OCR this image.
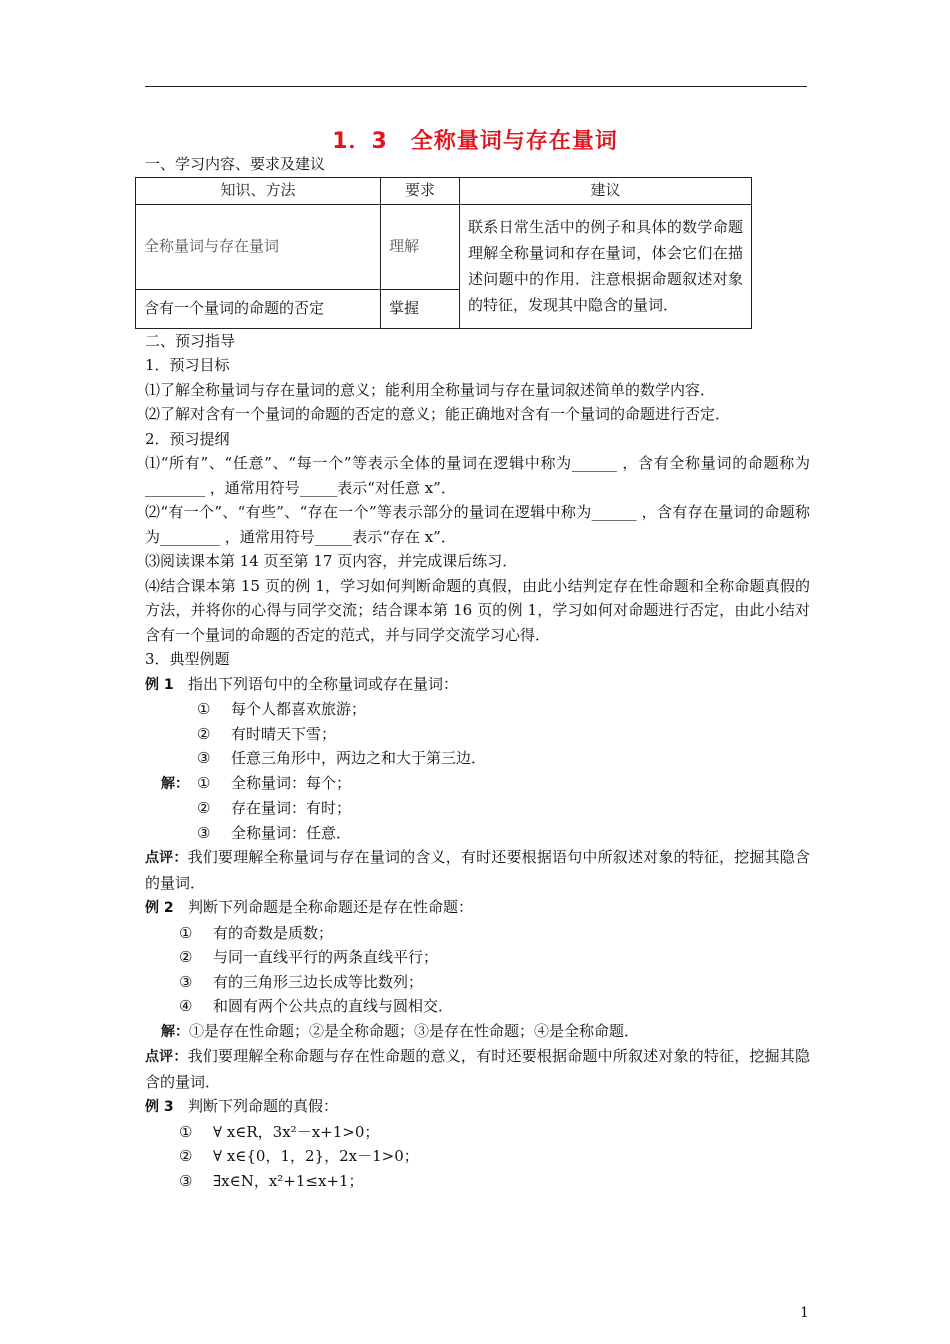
1．3　全称量词与存在量词
一、学习内容、要求及建议
知识、方法	要求	建议
全称量词与存在量词	理解	联系日常生活中的例子和具体的数学命题理解全称量词和存在量词，体会它们在描述问题中的作用．注意根据命题叙述对象的特征，发现其中隐含的量词．
含有一个量词的命题的否定	掌握	
二、预习指导
1．预习目标
⑴了解全称量词与存在量词的意义；能利用全称量词与存在量词叙述简单的数学内容．
⑵了解对含有一个量词的命题的否定的意义；能正确地对含有一个量词的命题进行否定．
2．预习提纲
⑴“所有”、“任意”、“每一个”等表示全体的量词在逻辑中称为______ ，含有全称量词的命题称为________ ，通常用符号_____表示“对任意 x”．
⑵“有一个”、“有些”、“存在一个”等表示部分的量词在逻辑中称为______ ，含有存在量词的命题称为________ ，通常用符号_____表示“存在 x”．
⑶阅读课本第 14 页至第 17 页内容，并完成课后练习．
⑷结合课本第 15 页的例 1，学习如何判断命题的真假，由此小结判定存在性命题和全称命题真假的方法，并将你的心得与同学交流；结合课本第 16 页的例 1，学习如何对命题进行否定，由此小结对含有一个量词的命题的否定的范式，并与同学交流学习心得．
3．典型例题
例 1 指出下列语句中的全称量词或存在量词：
① 每个人都喜欢旅游；
② 有时晴天下雪；
③ 任意三角形中，两边之和大于第三边．
解： ① 全称量词：每个；
② 存在量词：有时；
③ 全称量词：任意．
点评：我们要理解全称量词与存在量词的含义，有时还要根据语句中所叙述对象的特征，挖掘其隐含的量词．
例 2 判断下列命题是全称命题还是存在性命题：
① 有的奇数是质数；
② 与同一直线平行的两条直线平行；
③ 有的三角形三边长成等比数列；
④ 和圆有两个公共点的直线与圆相交．
解：①是存在性命题；②是全称命题；③是存在性命题；④是全称命题．
点评：我们要理解全称命题与存在性命题的意义，有时还要根据命题中所叙述对象的特征，挖掘其隐含的量词．
例 3 判断下列命题的真假：
① ∀ x∈R，3x²－x+1>0；
② ∀ x∈{0，1，2}，2x－1>0；
③ ∃x∈N，x²+1≤x+1；
1
